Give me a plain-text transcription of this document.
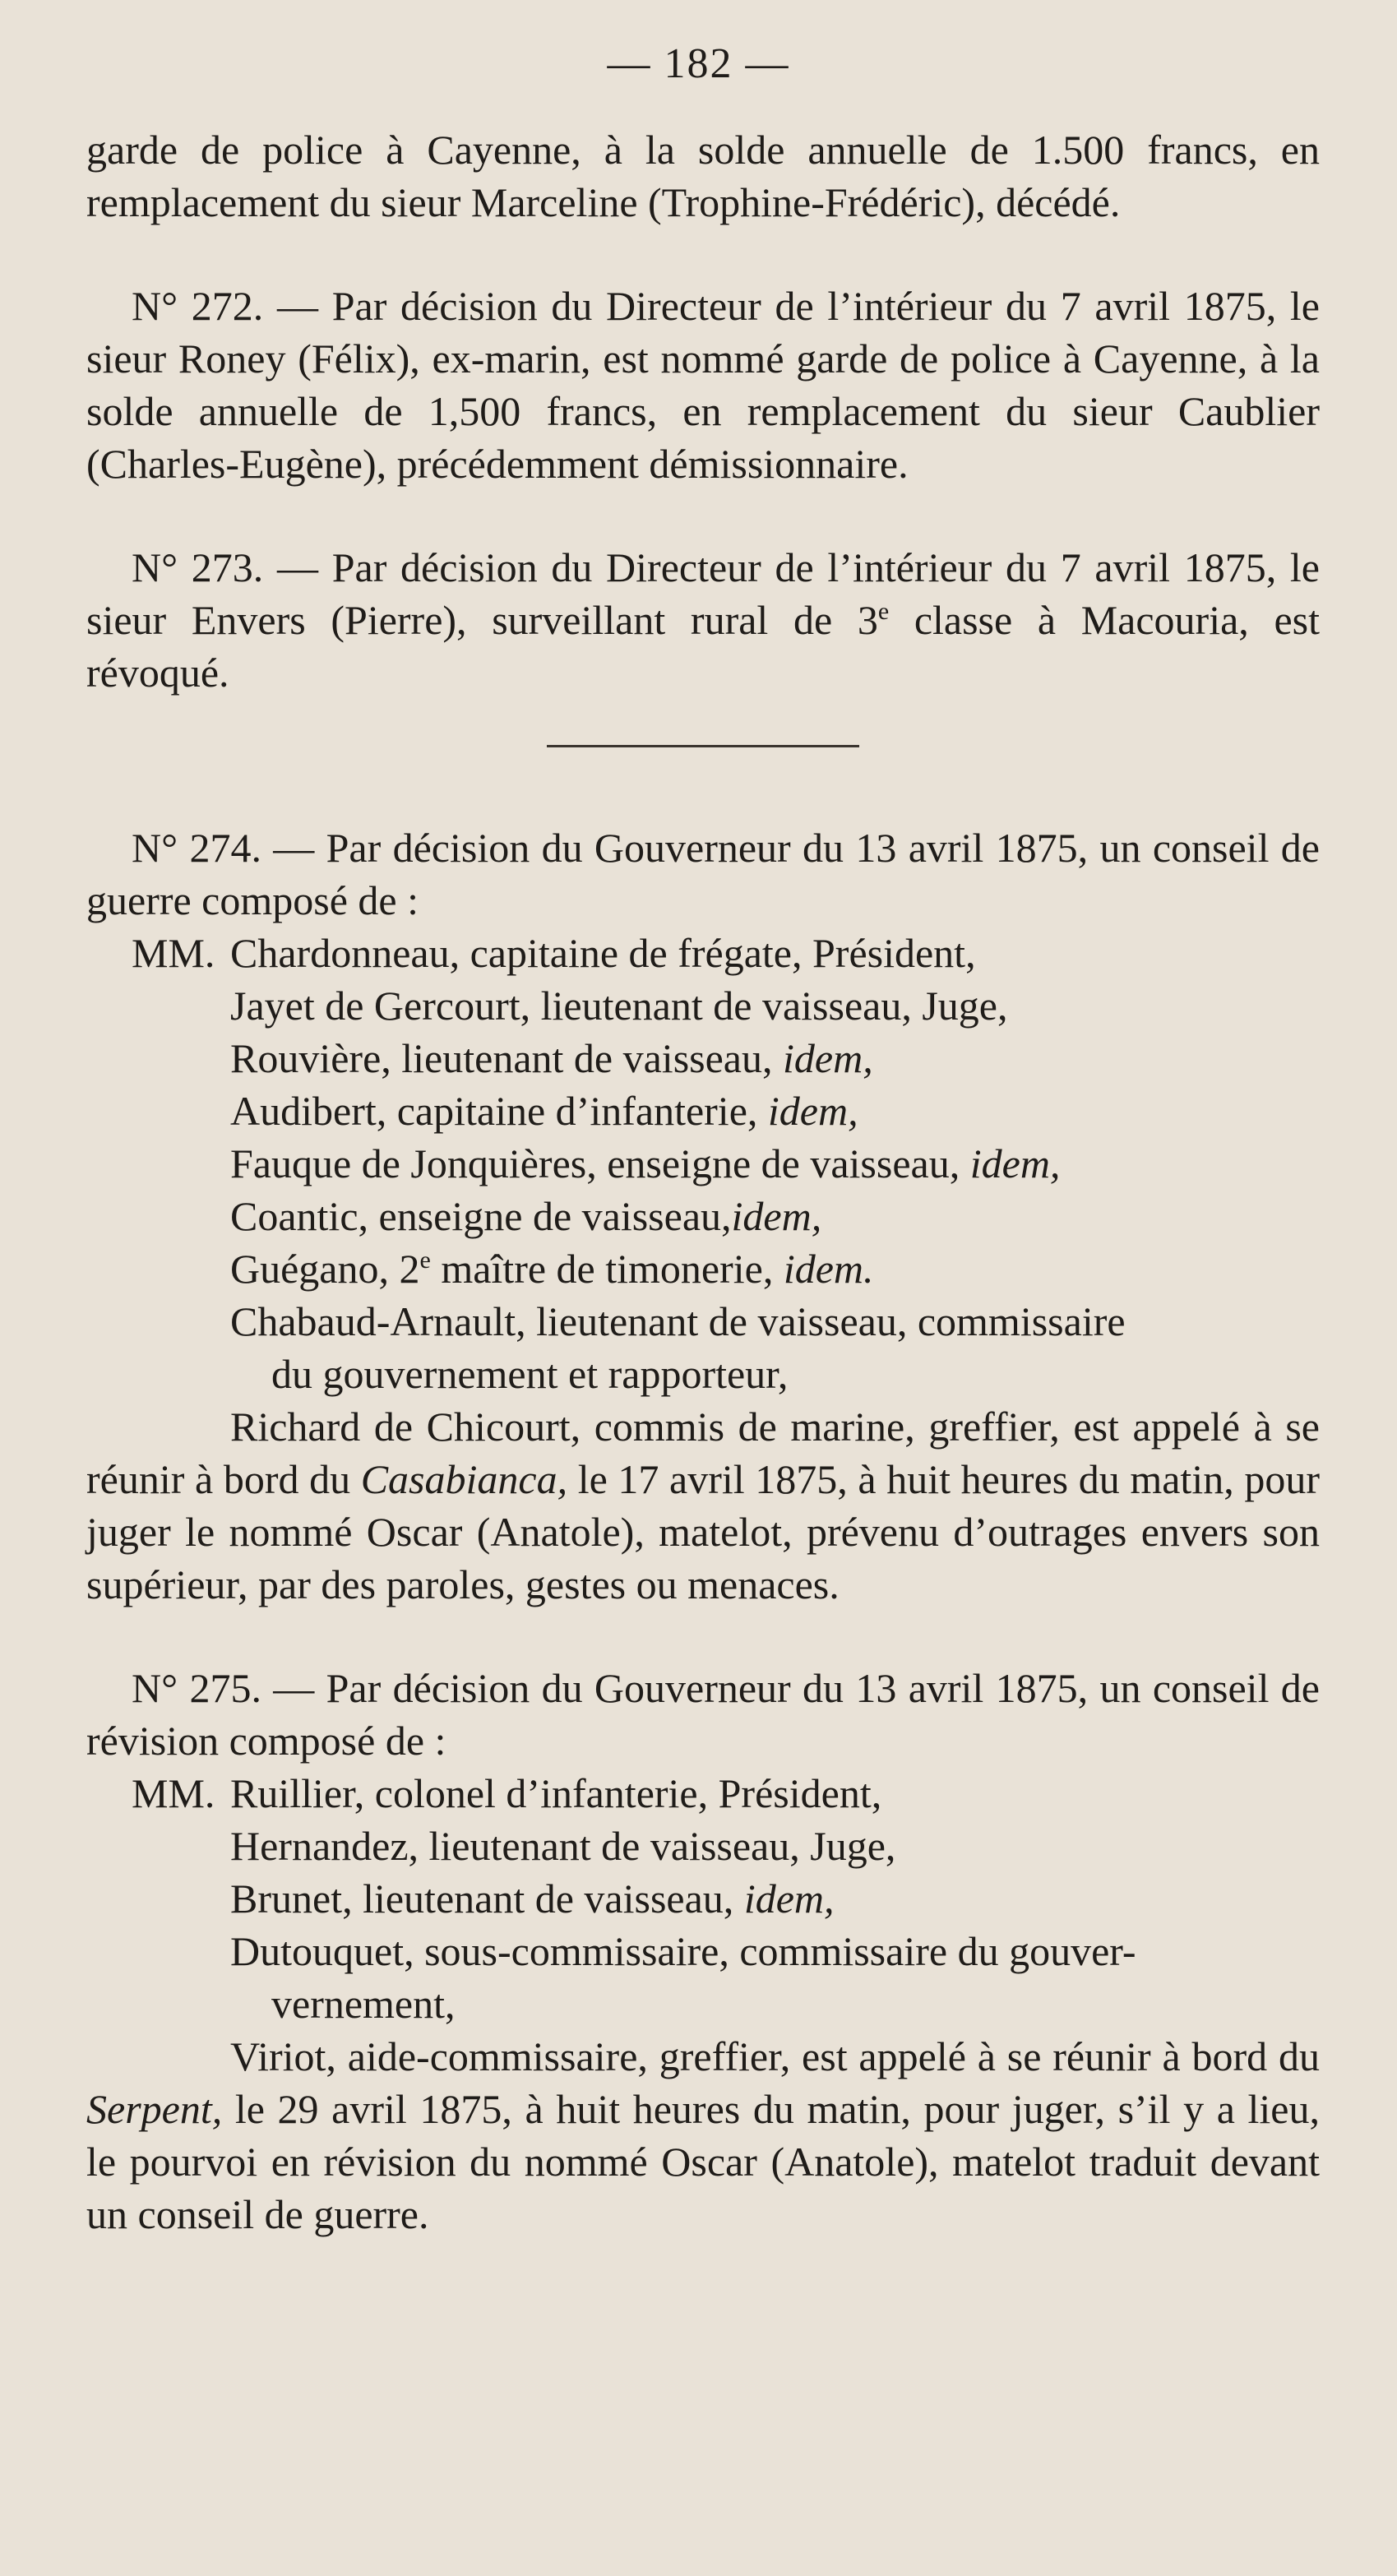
— 182 —

garde de police à Cayenne, à la solde annuelle de 1.500 francs, en remplacement du sieur Marceline (Trophine-Frédéric), décédé.

N° 272. — Par décision du Directeur de l’intérieur du 7 avril 1875, le sieur Roney (Félix), ex-marin, est nommé garde de police à Cayenne, à la solde annuelle de 1,500 francs, en remplacement du sieur Caublier (Charles-Eugène), précédemment démissionnaire.

N° 273. — Par décision du Directeur de l’intérieur du 7 avril 1875, le sieur Envers (Pierre), surveillant rural de 3e classe à Macouria, est révoqué.

N° 274. — Par décision du Gouverneur du 13 avril 1875, un conseil de guerre composé de :

MM. Chardonneau, capitaine de frégate, Président,

Jayet de Gercourt, lieutenant de vaisseau, Juge,

Rouvière, lieutenant de vaisseau, idem,

Audibert, capitaine d’infanterie, idem,

Fauque de Jonquières, enseigne de vaisseau, idem,

Coantic, enseigne de vaisseau,idem,

Guégano, 2e maître de timonerie, idem.

Chabaud-Arnault, lieutenant de vaisseau, commissaire
du gouvernement et rapporteur,

Richard de Chicourt, commis de marine, greffier, est appelé à se réunir à bord du Casabianca, le 17 avril 1875, à huit heures du matin, pour juger le nommé Oscar (Anatole), matelot, prévenu d’outrages envers son supérieur, par des paroles, gestes ou menaces.

N° 275. — Par décision du Gouverneur du 13 avril 1875, un conseil de révision composé de :

MM. Ruillier, colonel d’infanterie, Président,

Hernandez, lieutenant de vaisseau, Juge,

Brunet, lieutenant de vaisseau, idem,

Dutouquet, sous-commissaire, commissaire du gouver-
vernement,

Viriot, aide-commissaire, greffier, est appelé à se réunir à bord du Serpent, le 29 avril 1875, à huit heures du matin, pour juger, s’il y a lieu, le pourvoi en révision du nommé Oscar (Anatole), matelot traduit devant un conseil de guerre.
